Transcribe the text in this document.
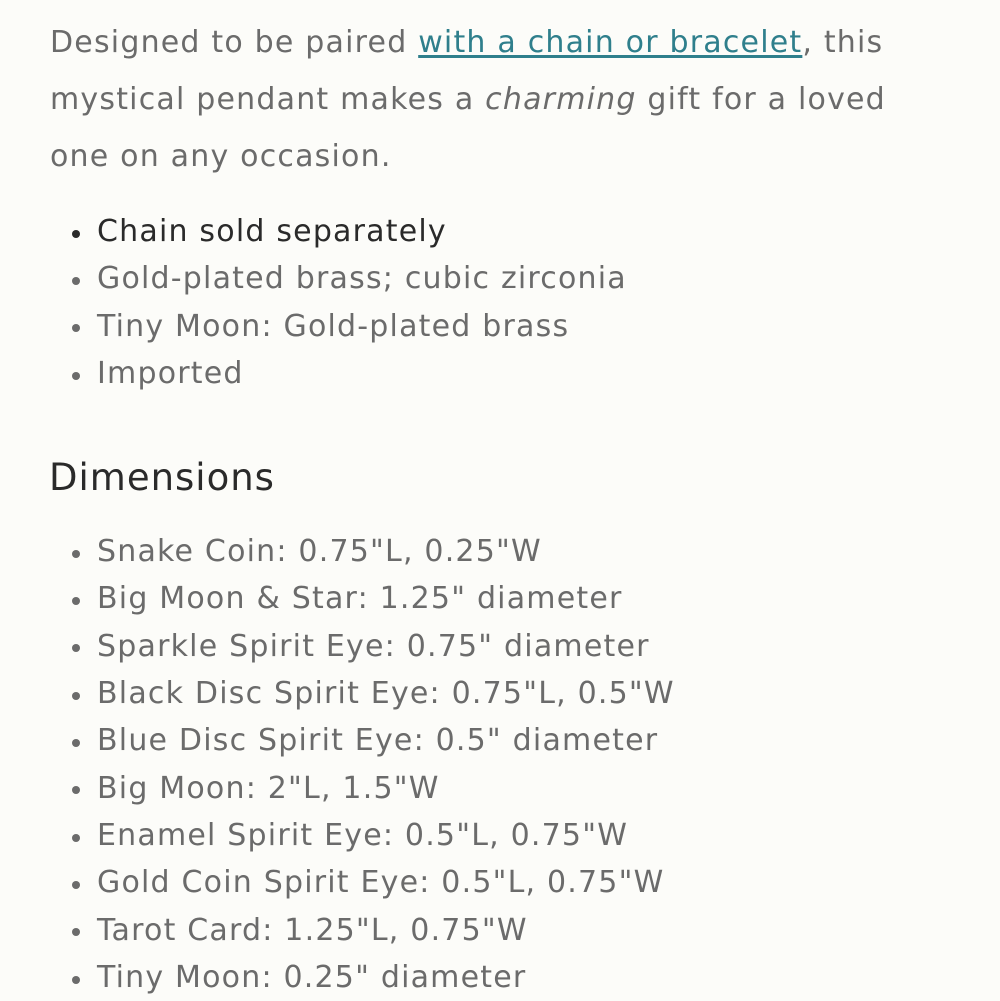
Designed to be paired with a chain or bracelet, this mystical pendant makes a charming gift for a loved one on any occasion.

Chain sold separately
Gold-plated brass; cubic zirconia
Tiny Moon: Gold-plated brass
Imported
Dimensions
Snake Coin: 0.75"L, 0.25"W
Big Moon & Star: 1.25" diameter
Sparkle Spirit Eye: 0.75" diameter
Black Disc Spirit Eye: 0.75"L, 0.5"W
Blue Disc Spirit Eye: 0.5" diameter
Big Moon: 2"L, 1.5"W
Enamel Spirit Eye: 0.5"L, 0.75"W
Gold Coin Spirit Eye: 0.5"L, 0.75"W
Tarot Card: 1.25"L, 0.75"W
Tiny Moon: 0.25" diameter
